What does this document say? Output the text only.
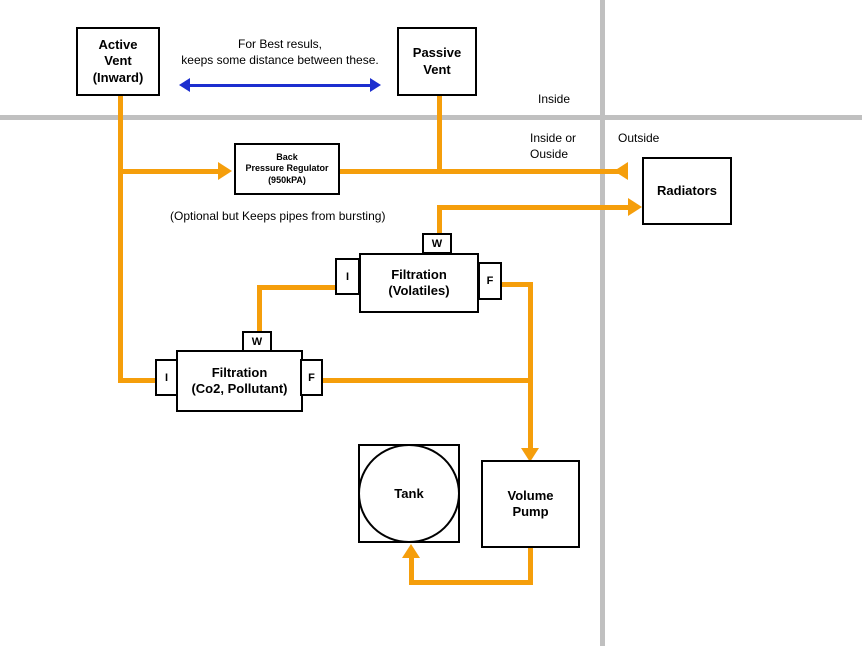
Active
Vent
(Inward)
Passive
Vent
Back
Pressure Regulator
(950kPA)
Radiators
Filtration
(Volatiles)
W
I	F
Filtration
(Co2, Pollutant)
W
I	F
Tank	Volume
Pump
For Best resuls,
keeps some distance between these.
Inside
Inside or
Ouside
Outside
(Optional but Keeps pipes from bursting)
